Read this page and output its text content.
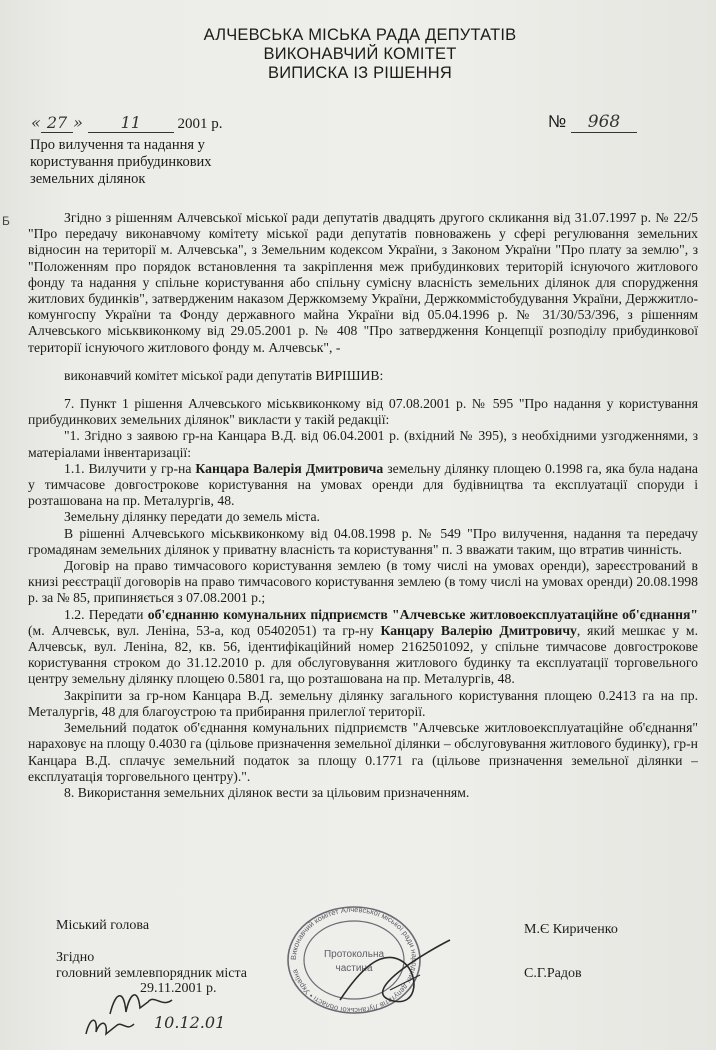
Б
АЛЧЕВСЬКА МІСЬКА РАДА ДЕПУТАТІВ
ВИКОНАВЧИЙ КОМІТЕТ
ВИПИСКА ІЗ РІШЕННЯ
« 27 » 11 2001 р.	№ 968
Про вилучення та надання у
користування прибудинкових
земельних ділянок

Згідно з рішенням Алчевської міської ради депутатів двадцять другого скликання від 31.07.1997 р. № 22/5 "Про передачу виконавчому комітету міської ради депутатів повноважень у сфері регулювання земельних відносин на території м. Алчевська", з Земельним кодексом України, з Законом України "Про плату за землю", з "Положенням про порядок встановлення та закріплення меж прибудинкових територій існуючого житлового фонду та надання у спільне користування або спільну сумісну власність земельних ділянок для спорудження житлових будинків", затвердженим наказом Держкомзему України, Держкоммістобудування України, Держжитло-комунгоспу України та Фонду державного майна України від 05.04.1996 р. № 31/30/53/396, з рішенням Алчевського міськвиконкому від 29.05.2001 р. № 408 "Про затвердження Концепції розподілу прибудинкової території існуючого житлового фонду м. Алчевськ", -

виконавчий комітет міської ради депутатів ВИРІШИВ:

7. Пункт 1 рішення Алчевського міськвиконкому від 07.08.2001 р. № 595 "Про надання у користування прибудинкових земельних ділянок" викласти у такій редакції:

"1. Згідно з заявою гр-на Канцара В.Д. від 06.04.2001 р. (вхідний № 395), з необхідними узгодженнями, з матеріалами інвентаризації:

1.1. Вилучити у гр-на Канцара Валерія Дмитровича земельну ділянку площею 0.1998 га, яка була надана у тимчасове довгострокове користування на умовах оренди для будівництва та експлуатації споруди і розташована на пр. Металургів, 48.

Земельну ділянку передати до земель міста.

В рішенні Алчевського міськвиконкому від 04.08.1998 р. № 549 "Про вилучення, надання та передачу громадянам земельних ділянок у приватну власність та користування" п. 3 вважати таким, що втратив чинність.

Договір на право тимчасового користування землею (в тому числі на умовах оренди), зареєстрований в книзі реєстрації договорів на право тимчасового користування землею (в тому числі на умовах оренди) 20.08.1998 р. за № 85, припиняється з 07.08.2001 р.;

1.2. Передати об'єднанню комунальних підприємств "Алчевське житловоексплуатаційне об'єднання" (м. Алчевськ, вул. Леніна, 53-а, код 05402051) та гр-ну Канцару Валерію Дмитровичу, який мешкає у м. Алчевськ, вул. Леніна, 82, кв. 56, ідентифікаційний номер 2162501092, у спільне тимчасове довгострокове користування строком до 31.12.2010 р. для обслуговування житлового будинку та експлуатації торговельного центру земельну ділянку площею 0.5801 га, що розташована на пр. Металургів, 48.

Закріпити за гр-ном Канцара В.Д. земельну ділянку загального користування площею 0.2413 га на пр. Металургів, 48 для благоустрою та прибирання прилеглої території.

Земельний податок об'єднання комунальних підприємств "Алчевське житловоексплуатаційне об'єднання" нараховує на площу 0.4030 га (цільове призначення земельної ділянки – обслуговування житлового будинку), гр-н Канцара В.Д. сплачує земельний податок за площу 0.1771 га (цільове призначення земельної ділянки – експлуатація торговельного центру).".

8. Використання земельних ділянок вести за цільовим призначенням.

Міський голова	М.Є Кириченко
Згідно
головний землевпорядник міста
29.11.2001 р.
С.Г.Радов
Виконавчий комітет Алчевської міської ради народних депутатів Луганської області • Україна
Протокольна
частина
10.12.01
